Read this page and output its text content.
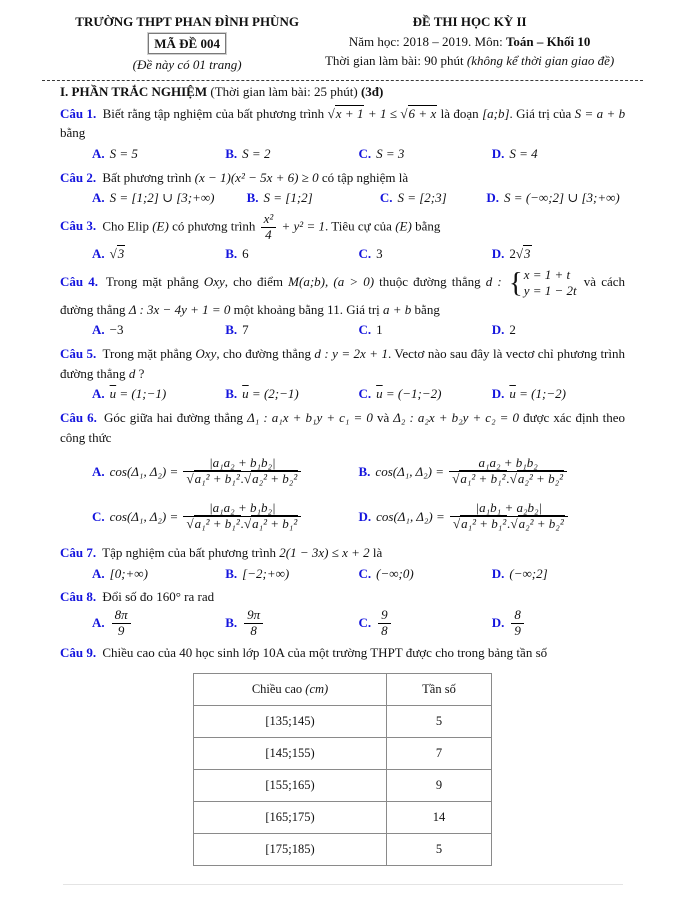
TRƯỜNG THPT PHAN ĐÌNH PHÙNG
MÃ ĐỀ 004
(Đề này có 01 trang)
ĐỀ THI HỌC KỲ II
Năm học: 2018 – 2019. Môn: Toán – Khối 10
Thời gian làm bài: 90 phút (không kể thời gian giao đề)
I. PHẦN TRẮC NGHIỆM (Thời gian làm bài: 25 phút) (3đ)

Câu 1. Biết rằng tập nghiệm của bất phương trình √x + 1 + 1 ≤ √6 + x là đoạn [a;b]. Giá trị của S = a + b bằng

A. S = 5	B. S = 2	C. S = 3	D. S = 4

Câu 2. Bất phương trình (x − 1)(x² − 5x + 6) ≥ 0 có tập nghiệm là

A. S = [1;2] ∪ [3;+∞)	B. S = [1;2]	C. S = [2;3]	D. S = (−∞;2] ∪ [3;+∞)

Câu 3. Cho Elip (E) có phương trình $\frac{\text{x²}}{4} + y^2 = 1$. Tiêu cự của (E) bằng

A. √3	B. 6	C. 3	D. 2√3

Câu 4. Trong mặt phẳng Oxy, cho điểm M(a;b), (a > 0) thuộc đường thẳng d : { x = 1 + t
y = 1 − 2t
và cách đường thẳng Δ : 3x − 4y + 1 = 0 một khoảng bằng 11. Giá trị a + b bằng

A. −3	B. 7	C. 1	D. 2

Câu 5. Trong mặt phẳng Oxy, cho đường thẳng d : y = 2x + 1. Vectơ nào sau đây là vectơ chỉ phương trình đường thẳng d ?

A. $\overline{u}$ = (1;−1)	B. $\overline{u}$ = (2;−1)	C. $\overline{u}$ = (−1;−2)	D. $\overline{u}$ = (1;−2)

Câu 6. Góc giữa hai đường thẳng Δ₁ : a₁x + b₁y + c₁ = 0 và Δ₂ : a₂x + b₂y + c₂ = 0 được xác định theo công thức

A. cos(Δ₁, Δ₂) =
$\frac{\text{|a₁a₂ + b₁b₂|}}{\text{√a₁² + b₁².√a₂² + b₂²}}$	B. cos(Δ₁, Δ₂) =
$\frac{\text{a₁a₂ + b₁b₂}}{\text{√a₁² + b₁².√a₂² + b₂²}}$
C. cos(Δ₁, Δ₂) =
$\frac{\text{|a₁a₂ + b₁b₂|}}{\text{√a₁² + b₁².√a₁² + b₁²}}$	D. cos(Δ₁, Δ₂) =
$\frac{\text{|a₁b₁ + a₂b₂|}}{\text{√a₁² + b₁².√a₂² + b₂²}}$

Câu 7. Tập nghiệm của bất phương trình 2(1 − 3x) ≤ x + 2 là

A. [0;+∞)	B. [−2;+∞)	C. (−∞;0)	D. (−∞;2]

Câu 8. Đổi số đo 160° ra rad

A. $\frac{8\pi}{9}$	B. $\frac{9\pi}{8}$	C. $\frac{9}{8}$	D. $\frac{8}{9}$

Câu 9. Chiều cao của 40 học sinh lớp 10A của một trường THPT được cho trong bảng tần số

Chiều cao (cm)	Tần số
[135;145)	5
[145;155)	7
[155;165)	9
[165;175)	14
[175;185)	5
